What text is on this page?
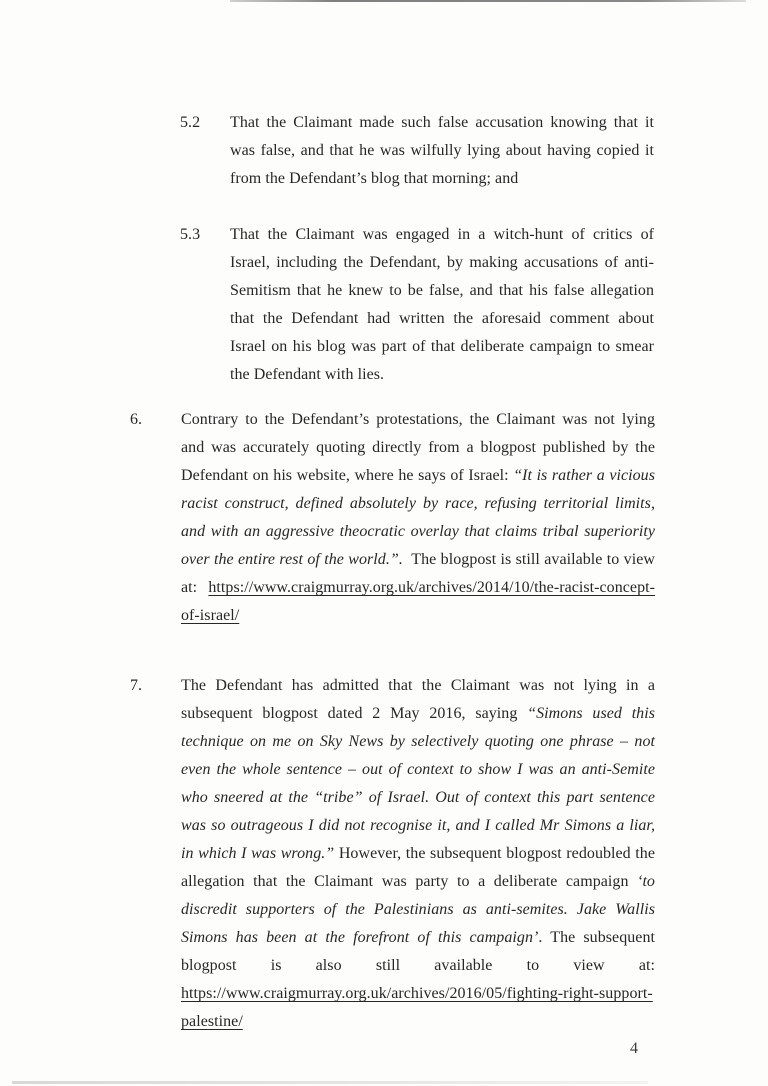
5.2	That the Claimant made such false accusation knowing that it was false, and that he was wilfully lying about having copied it from the Defendant’s blog that morning; and
5.3	That the Claimant was engaged in a witch-hunt of critics of Israel, including the Defendant, by making accusations of anti-Semitism that he knew to be false, and that his false allegation that the Defendant had written the aforesaid comment about Israel on his blog was part of that deliberate campaign to smear the Defendant with lies.
6.	Contrary to the Defendant’s protestations, the Claimant was not lying and was accurately quoting directly from a blogpost published by the Defendant on his website, where he says of Israel: “It is rather a vicious racist construct, defined absolutely by race, refusing territorial limits, and with an aggressive theocratic overlay that claims tribal superiority over the entire rest of the world.”.  The blogpost is still available to view at: https://www.craigmurray.org.uk/archives/2014/10/the-racist-concept-of-israel/
7.	The Defendant has admitted that the Claimant was not lying in a subsequent blogpost dated 2 May 2016, saying “Simons used this technique on me on Sky News by selectively quoting one phrase – not even the whole sentence – out of context to show I was an anti-Semite who sneered at the “tribe” of Israel. Out of context this part sentence was so outrageous I did not recognise it, and I called Mr Simons a liar, in which I was wrong.” However, the subsequent blogpost redoubled the allegation that the Claimant was party to a deliberate campaign ‘to discredit supporters of the Palestinians as anti-semites. Jake Wallis Simons has been at the forefront of this campaign’. The subsequent blogpost is also still available to view at: https://www.craigmurray.org.uk/archives/2016/05/fighting-right-support-palestine/
4
